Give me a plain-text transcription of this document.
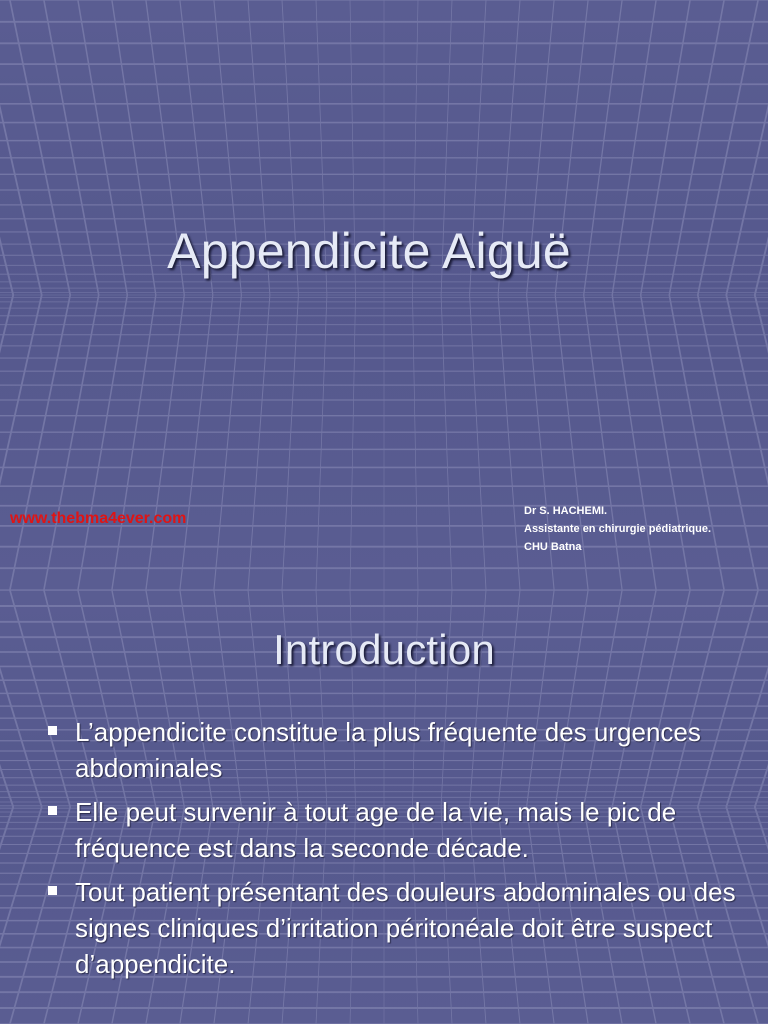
Appendicite Aiguë
www.thebma4ever.com	Dr S. HACHEMI.
Assistante en chirurgie pédiatrique.
CHU Batna
Introduction
L’appendicite constitue la plus fréquente des urgences abdominales
Elle peut survenir à tout age de la vie, mais le pic de fréquence est dans la seconde décade.
Tout patient présentant des douleurs abdominales ou des signes cliniques d’irritation péritonéale doit être suspect d’appendicite.
